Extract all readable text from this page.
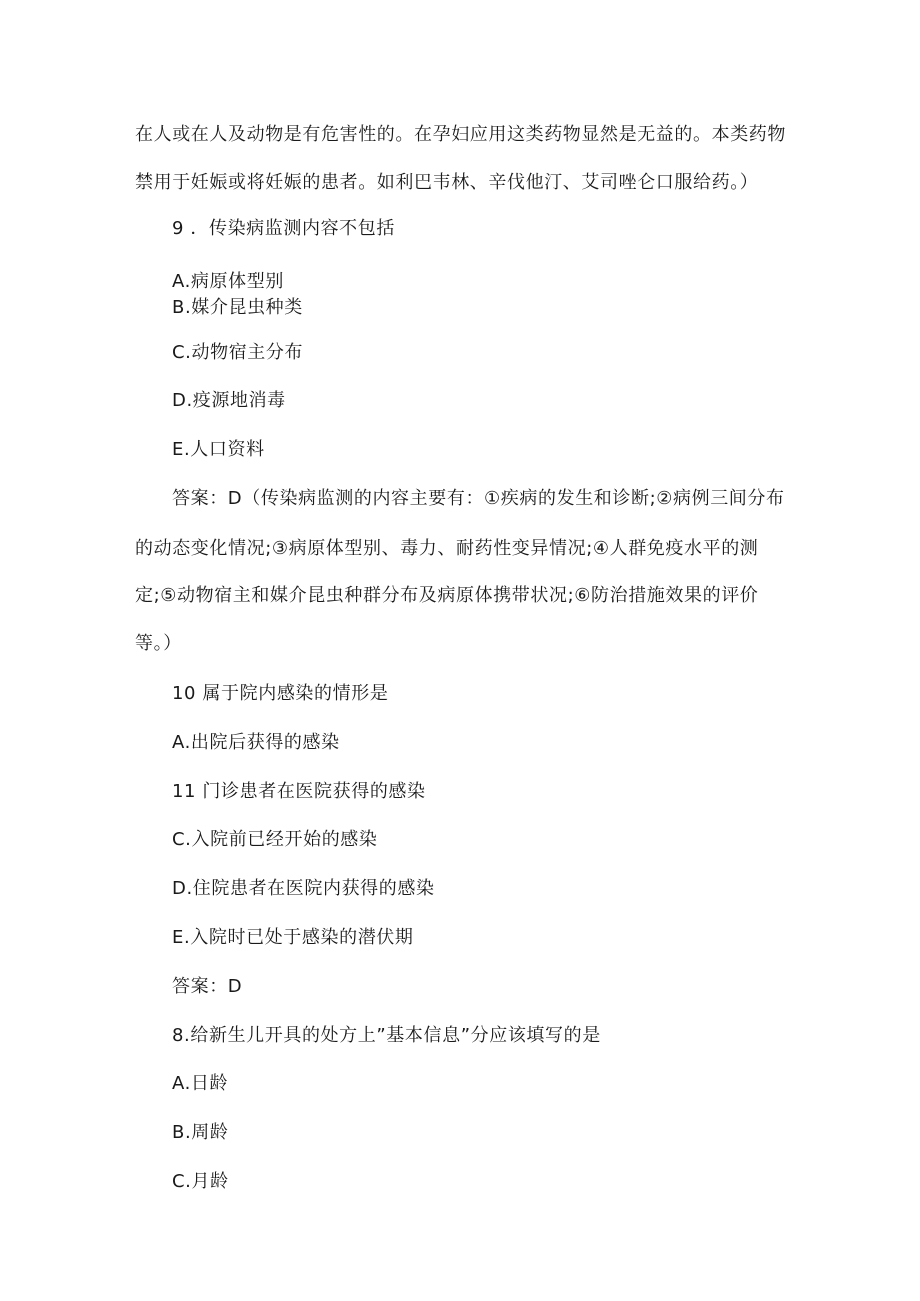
在人或在人及动物是有危害性的。在孕妇应用这类药物显然是无益的。本类药物
禁用于妊娠或将妊娠的患者。如利巴韦林、辛伐他汀、艾司唑仑口服给药。）
9 ．传染病监测内容不包括
A.病原体型别
B.媒介昆虫种类
C.动物宿主分布
D.疫源地消毒
E.人口资料
答案：D（传染病监测的内容主要有：①疾病的发生和诊断;②病例三间分布
的动态变化情况;③病原体型别、毒力、耐药性变异情况;④人群免疫水平的测
定;⑤动物宿主和媒介昆虫种群分布及病原体携带状况;⑥防治措施效果的评价
等。）
10 属于院内感染的情形是
A.出院后获得的感染
11 门诊患者在医院获得的感染
C.入院前已经开始的感染
D.住院患者在医院内获得的感染
E.入院时已处于感染的潜伏期
答案：D
8.给新生儿开具的处方上”基本信息”分应该填写的是
A.日龄
B.周龄
C.月龄
